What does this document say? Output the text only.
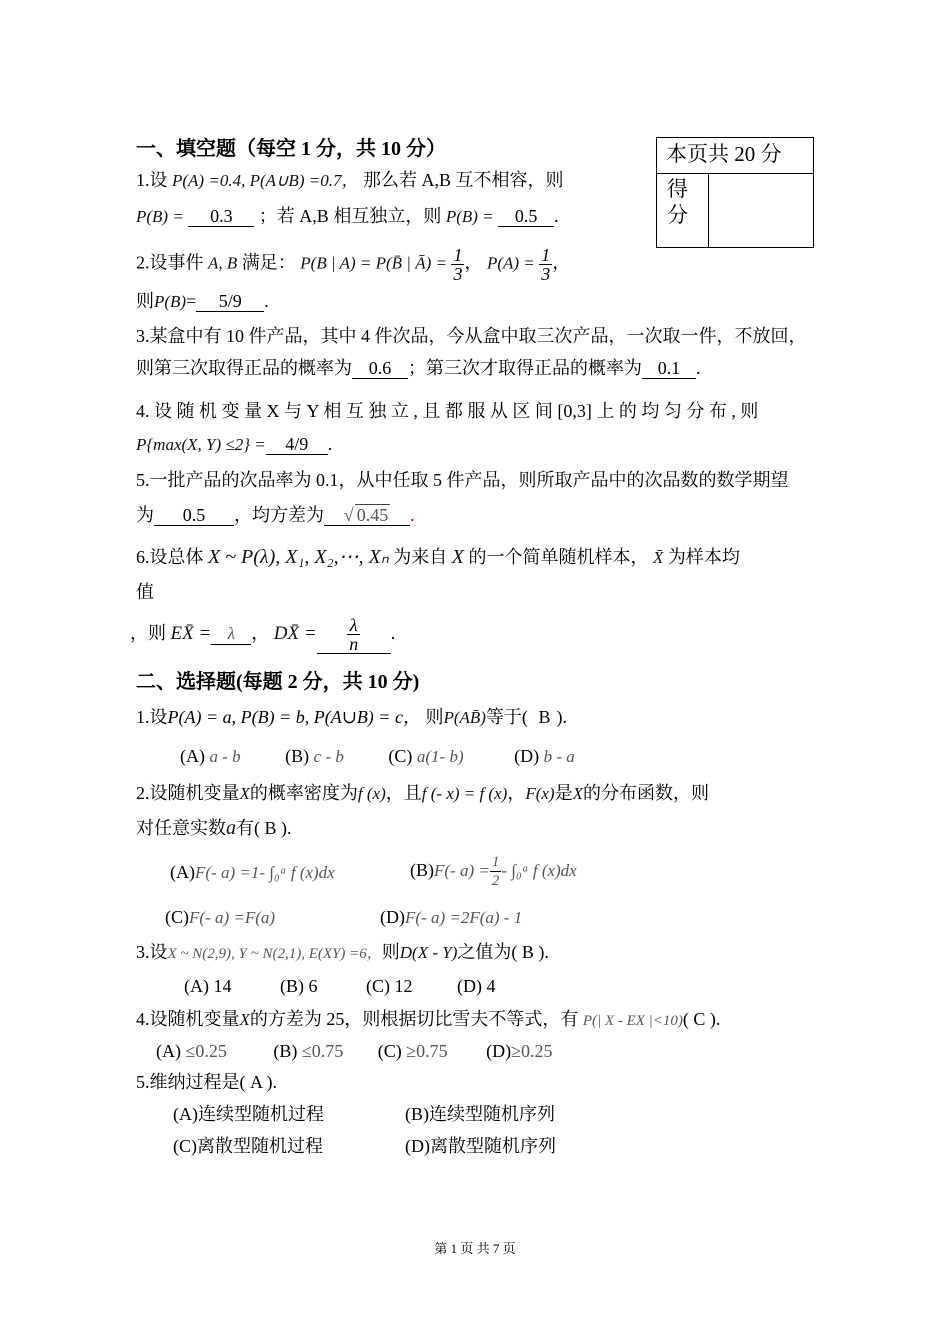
一、填空题（每空 1 分，共 10 分）	本页共 20 分
得分
1.设 P(A) =0.4, P(A∪B) =0.7， 那么若 A,B 互不相容，则
P(B) = 0.3 ；若 A,B 相互独立，则 P(B) = 0.5 .
2.设事件 A, B 满足： P(B | A) = P(B̄ | Ā) = $\frac{1}{3}$ ， $P(A) = \frac{1}{3}$ ，
则P(B)= 5/9 .
3.某盒中有 10 件产品，其中 4 件次品，今从盒中取三次产品，一次取一件，不放回，
则第三次取得正品的概率为 0.6 ；第三次才取得正品的概率为 0.1 .
4. 设 随 机 变 量 X 与 Y 相 互 独 立 , 且 都 服 从 区 间 [0,3] 上 的 均 匀 分 布 , 则
P{max(X, Y) ≤2} = 4/9 .
5.一批产品的次品率为 0.1，从中任取 5 件产品，则所取产品中的次品数的数学期望
为 0.5 ，均方差为 √ 0.45 .
6.设总体 X ~ P(λ), X₁, X₂,⋯, Xₙ 为来自 X 的一个简单随机样本， X̄ 为样本均
值
，则 EX̄ = λ ， DX̄ = $\frac{\lambda}{n}$ .
二、选择题(每题 2 分，共 10 分)
1.设P(A) = a, P(B) = b, P(A∪B) = c， 则P(AB̄)等于( B ).
(A) a - b (B) c - b (C) a(1- b)	(D) b - a
2.设随机变量X的概率密度为f (x)，且f (- x) = f (x)，F(x)是X的分布函数，则
对任意实数a有( B ).
(A)F(- a) =1- ∫₀ᵃ f (x)dx	(B)F(- $a) = \frac{1}{2}$ - ∫₀ᵃ f (x)dx
(C)F(- a) =F(a)	(D)F(- a) =2F(a) - 1
3.设X ~ N(2,9), Y ~ N(2,1), E(XY) =6，则D(X - Y)之值为( B ).
(A) 14	(B) 6	(C) 12 (D) 4
4.设随机变量X的方差为 25，则根据切比雪夫不等式，有 P(| X - EX |<10)( C ).
(A) ≤0.25	(B) ≤0.75 (C) ≥0.75 (D)≥0.25
5.维纳过程是( A ).
(A)连续型随机过程	(B)连续型随机序列
(C)离散型随机过程	(D)离散型随机序列
第 1 页 共 7 页
